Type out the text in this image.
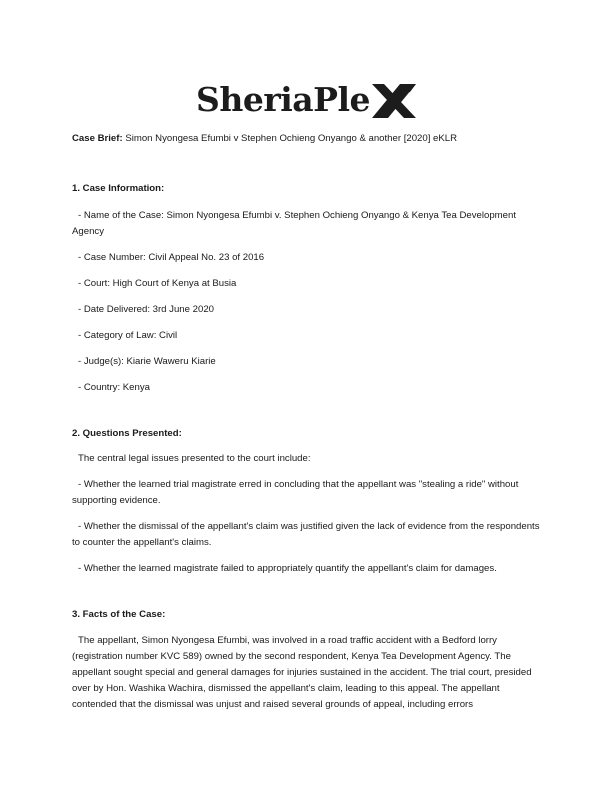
SheriaPle

Case Brief: Simon Nyongesa Efumbi v Stephen Ochieng Onyango & another [2020] eKLR

1. Case Information:

- Name of the Case: Simon Nyongesa Efumbi v. Stephen Ochieng Onyango & Kenya Tea Development Agency

- Case Number: Civil Appeal No. 23 of 2016

- Court: High Court of Kenya at Busia

- Date Delivered: 3rd June 2020

- Category of Law: Civil

- Judge(s): Kiarie Waweru Kiarie

- Country: Kenya

2. Questions Presented:

The central legal issues presented to the court include:

- Whether the learned trial magistrate erred in concluding that the appellant was "stealing a ride" without supporting evidence.

- Whether the dismissal of the appellant's claim was justified given the lack of evidence from the respondents to counter the appellant's claims.

- Whether the learned magistrate failed to appropriately quantify the appellant's claim for damages.

3. Facts of the Case:

The appellant, Simon Nyongesa Efumbi, was involved in a road traffic accident with a Bedford lorry (registration number KVC 589) owned by the second respondent, Kenya Tea Development Agency. The appellant sought special and general damages for injuries sustained in the accident. The trial court, presided over by Hon. Washika Wachira, dismissed the appellant's claim, leading to this appeal. The appellant contended that the dismissal was unjust and raised several grounds of appeal, including errors
